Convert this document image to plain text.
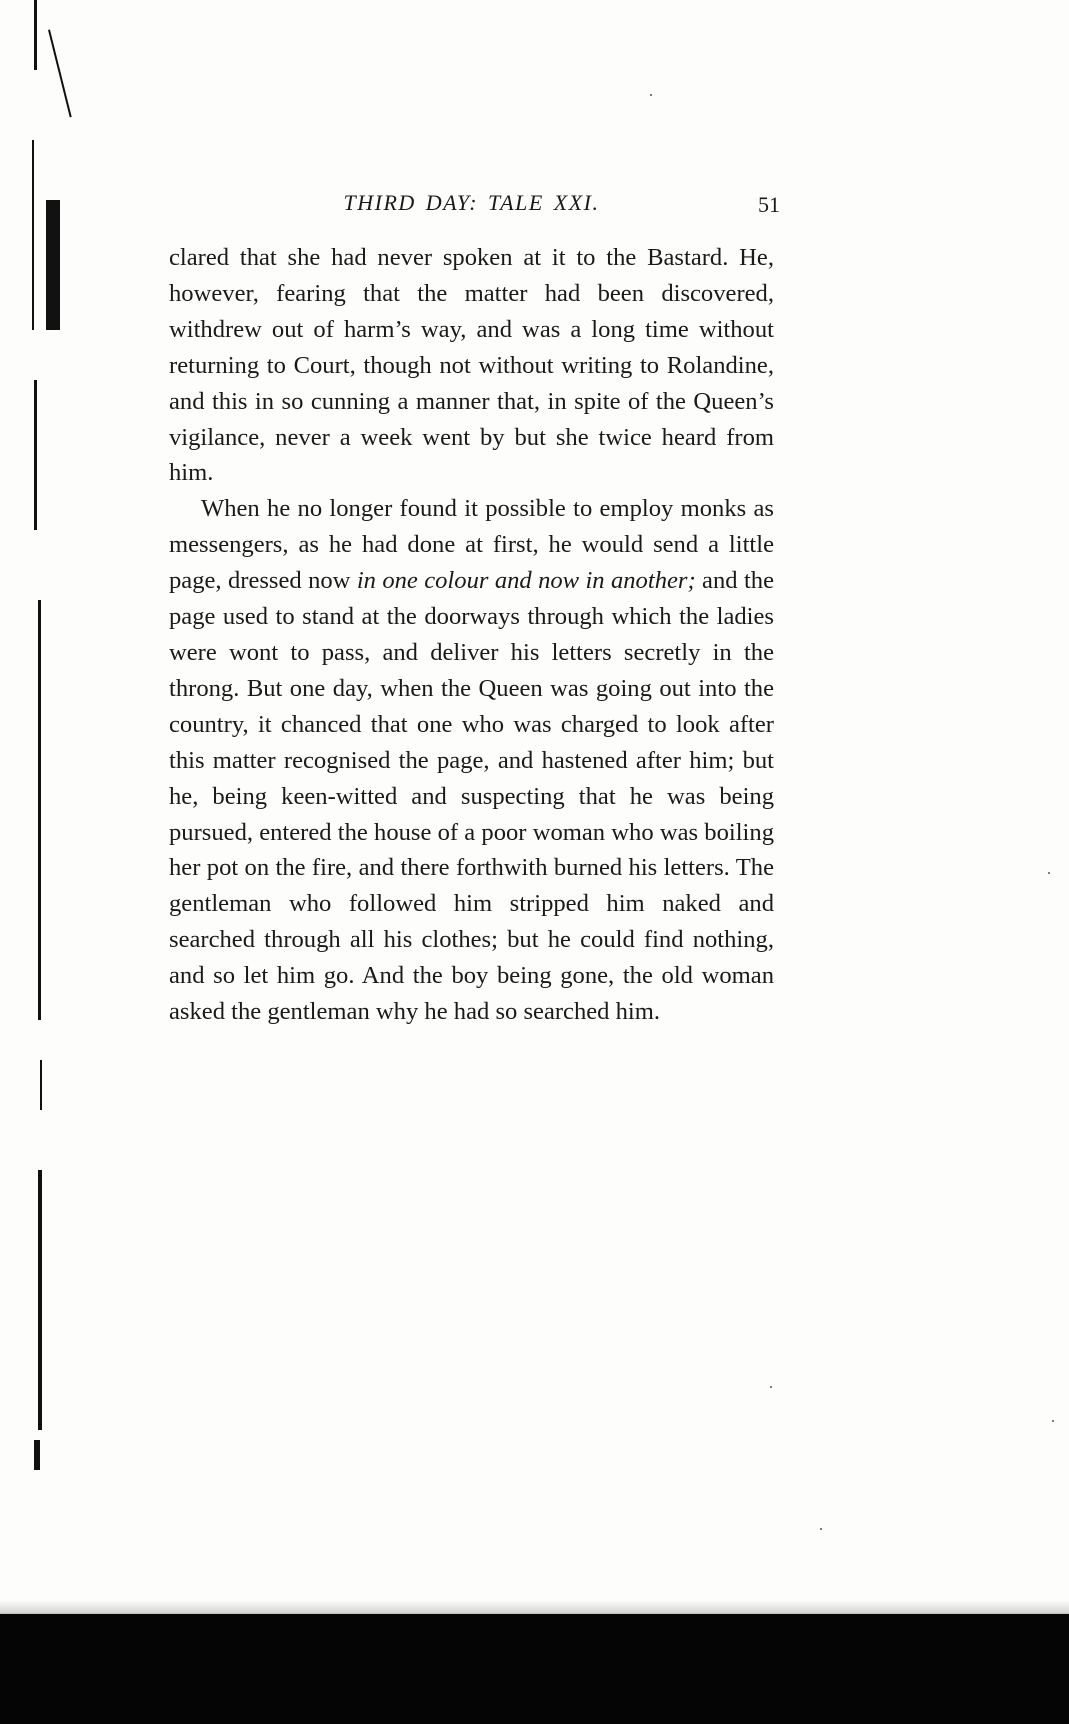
THIRD DAY: TALE XXI.	51

clared that she had never spoken at it to the Bastard. He, however, fearing that the matter had been discovered, withdrew out of harm’s way, and was a long time without returning to Court, though not without writing to Rolandine, and this in so cunning a manner that, in spite of the Queen’s vigilance, never a week went by but she twice heard from him.

When he no longer found it possible to employ monks as messengers, as he had done at first, he would send a little page, dressed now in one colour and now in another; and the page used to stand at the doorways through which the ladies were wont to pass, and deliver his letters secretly in the throng. But one day, when the Queen was going out into the country, it chanced that one who was charged to look after this matter recognised the page, and hastened after him; but he, being keen-witted and suspecting that he was being pursued, entered the house of a poor woman who was boiling her pot on the fire, and there forthwith burned his letters. The gentleman who followed him stripped him naked and searched through all his clothes; but he could find nothing, and so let him go. And the boy being gone, the old woman asked the gentleman why he had so searched him.
